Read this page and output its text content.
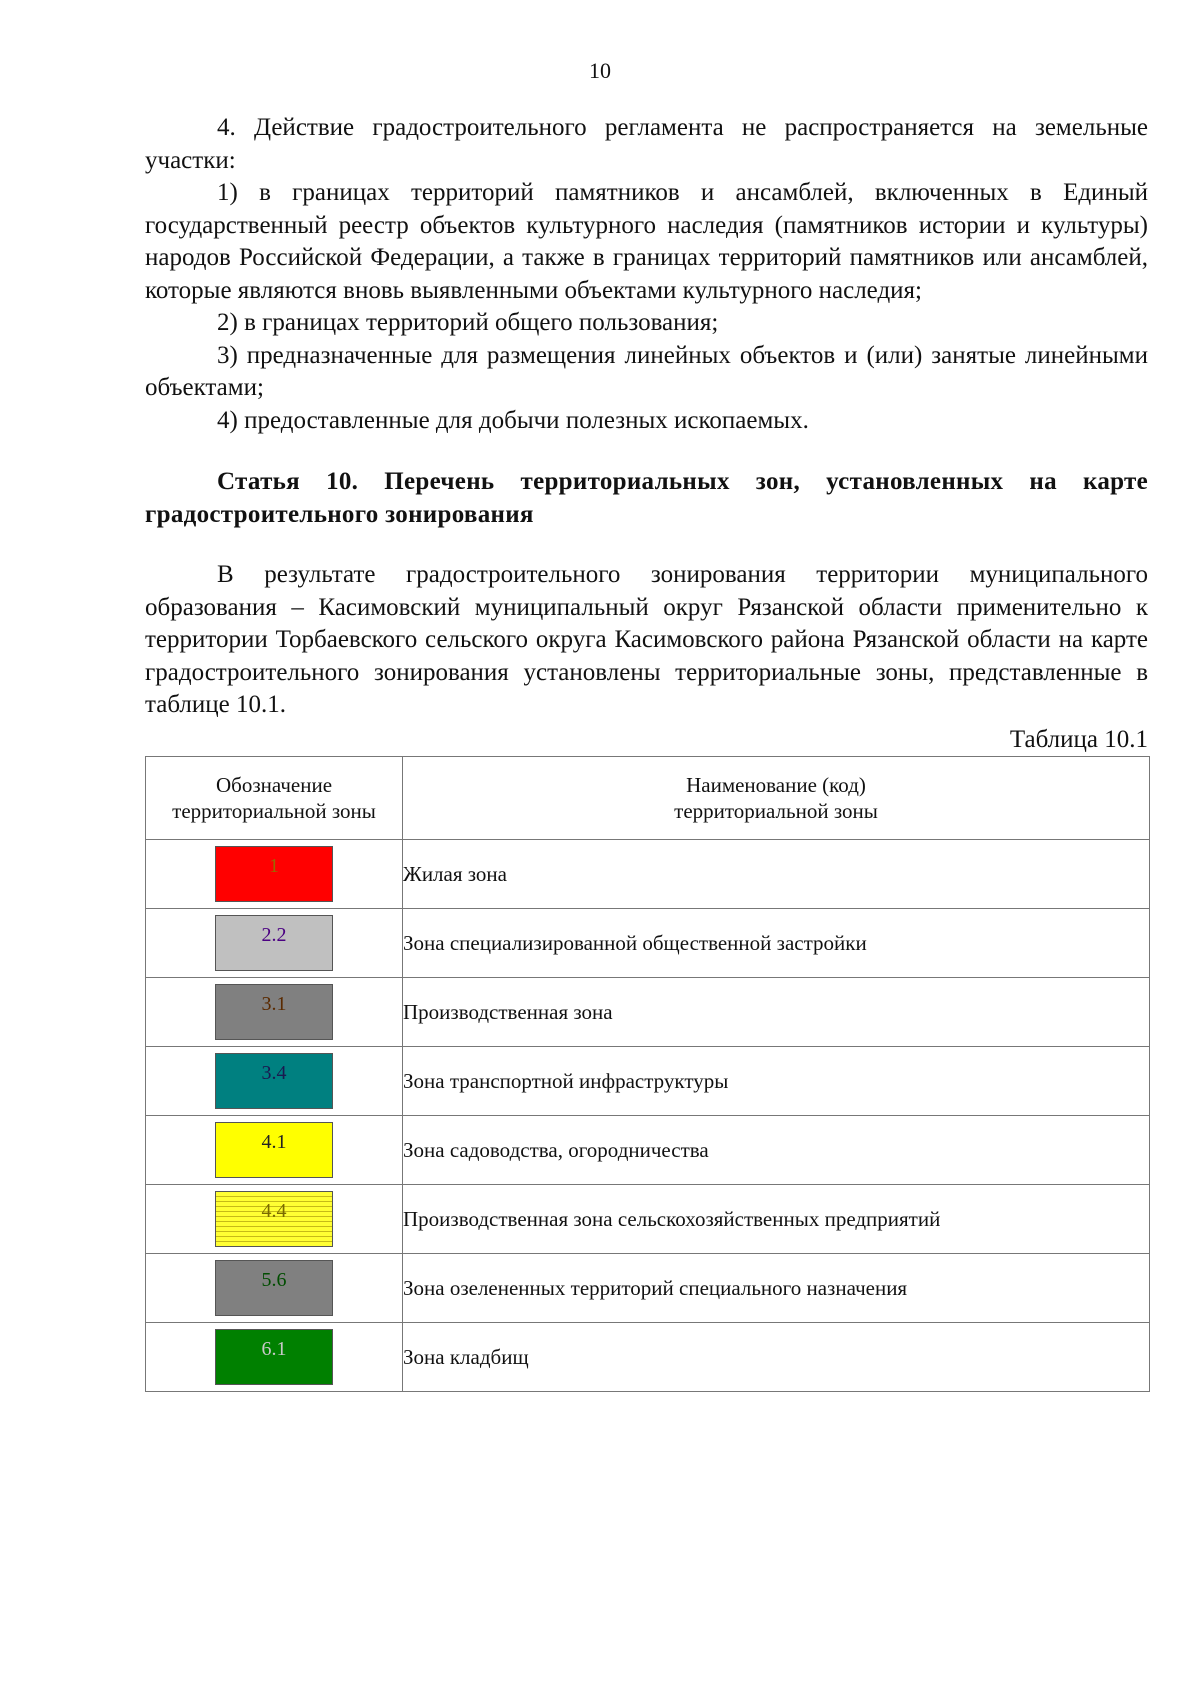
10

4. Действие градостроительного регламента не распространяется на земельные участки:

1) в границах территорий памятников и ансамблей, включенных в Единый государственный реестр объектов культурного наследия (памятников истории и культуры) народов Российской Федерации, а также в границах территорий памятников или ансамблей, которые являются вновь выявленными объектами культурного наследия;

2) в границах территорий общего пользования;

3) предназначенные для размещения линейных объектов и (или) занятые линейными объектами;

4) предоставленные для добычи полезных ископаемых.

Статья 10. Перечень территориальных зон, установленных на карте градостроительного зонирования

В результате градостроительного зонирования территории муниципального образования – Касимовский муниципальный округ Рязанской области применительно к территории Торбаевского сельского округа Касимовского района Рязанской области на карте градостроительного зонирования установлены территориальные зоны, представленные в таблице 10.1.

Таблица 10.1
Обозначение территориальной зоны	Наименование (код)
территориальной зоны
1	Жилая зона
2.2	Зона специализированной общественной застройки
3.1	Производственная зона
3.4	Зона транспортной инфраструктуры
4.1	Зона садоводства, огородничества
4.4	Производственная зона сельскохозяйственных предприятий
5.6	Зона озелененных территорий специального назначения
6.1	Зона кладбищ
